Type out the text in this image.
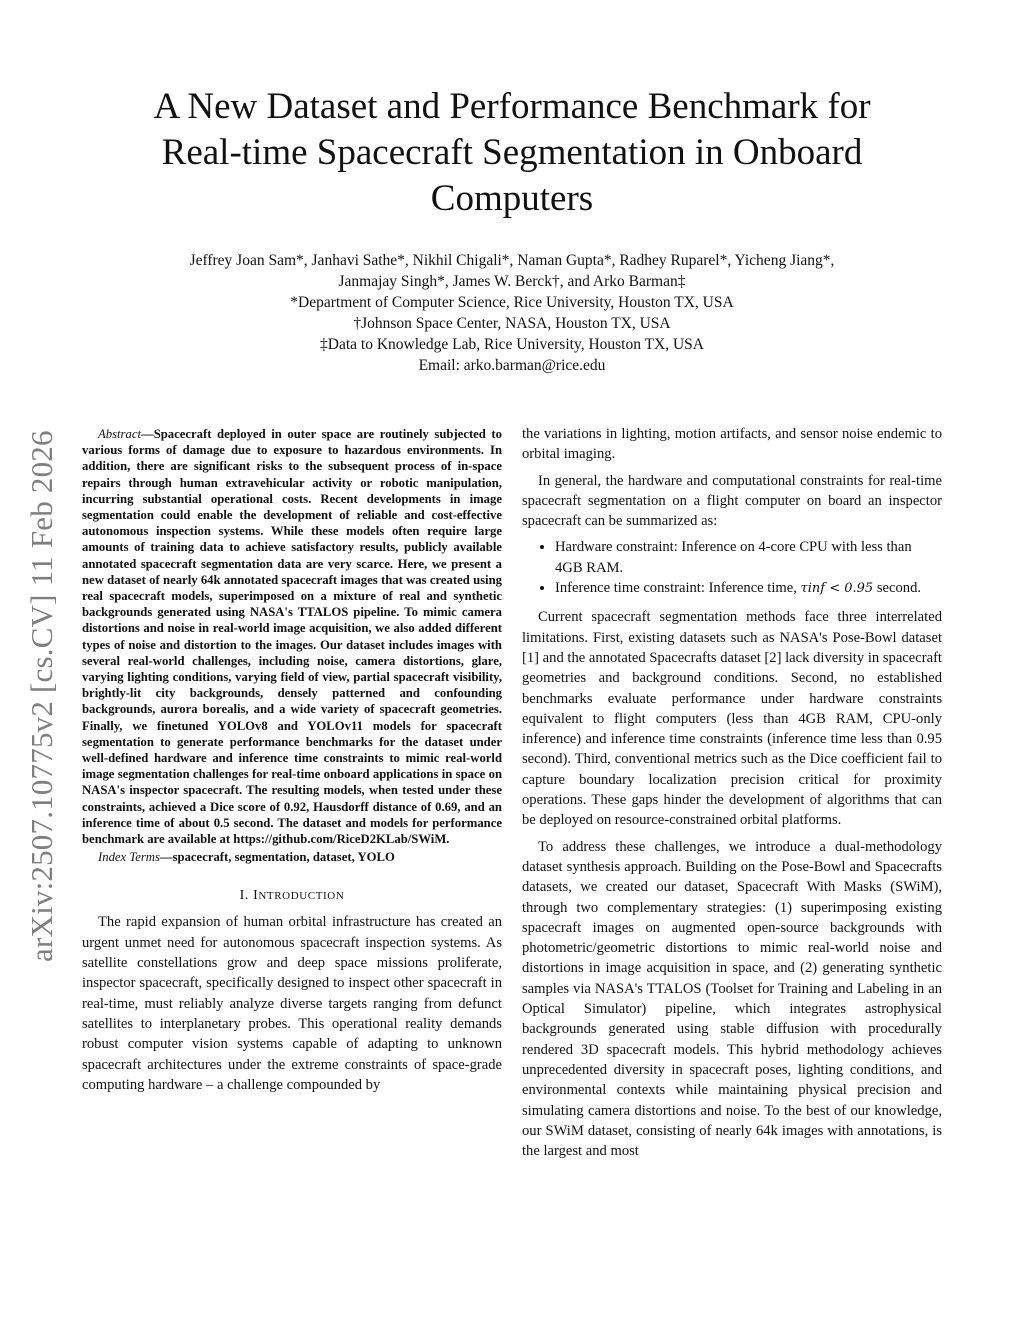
A New Dataset and Performance Benchmark for
Real-time Spacecraft Segmentation in Onboard
Computers
Jeffrey Joan Sam*, Janhavi Sathe*, Nikhil Chigali*, Naman Gupta*, Radhey Ruparel*, Yicheng Jiang*,
Janmajay Singh*, James W. Berck†, and Arko Barman‡
*Department of Computer Science, Rice University, Houston TX, USA
†Johnson Space Center, NASA, Houston TX, USA
‡Data to Knowledge Lab, Rice University, Houston TX, USA
Email: arko.barman@rice.edu
arXiv:2507.10775v2 [cs.CV] 11 Feb 2026	Abstract—Spacecraft deployed in outer space are routinely subjected to various forms of damage due to exposure to hazardous environments. In addition, there are significant risks to the subsequent process of in-space repairs through human extravehicular activity or robotic manipulation, incurring substantial operational costs. Recent developments in image segmentation could enable the development of reliable and cost-effective autonomous inspection systems. While these models often require large amounts of training data to achieve satisfactory results, publicly available annotated spacecraft segmentation data are very scarce. Here, we present a new dataset of nearly 64k annotated spacecraft images that was created using real spacecraft models, superimposed on a mixture of real and synthetic backgrounds generated using NASA's TTALOS pipeline. To mimic camera distortions and noise in real-world image acquisition, we also added different types of noise and distortion to the images. Our dataset includes images with several real-world challenges, including noise, camera distortions, glare, varying lighting conditions, varying field of view, partial spacecraft visibility, brightly-lit city backgrounds, densely patterned and confounding backgrounds, aurora borealis, and a wide variety of spacecraft geometries. Finally, we finetuned YOLOv8 and YOLOv11 models for spacecraft segmentation to generate performance benchmarks for the dataset under well-defined hardware and inference time constraints to mimic real-world image segmentation challenges for real-time onboard applications in space on NASA's inspector spacecraft. The resulting models, when tested under these constraints, achieved a Dice score of 0.92, Hausdorff distance of 0.69, and an inference time of about 0.5 second. The dataset and models for performance benchmark are available at https://github.com/RiceD2KLab/SWiM.

Index Terms—spacecraft, segmentation, dataset, YOLO

I. INTRODUCTION

The rapid expansion of human orbital infrastructure has created an urgent unmet need for autonomous spacecraft inspection systems. As satellite constellations grow and deep space missions proliferate, inspector spacecraft, specifically designed to inspect other spacecraft in real-time, must reliably analyze diverse targets ranging from defunct satellites to interplanetary probes. This operational reality demands robust computer vision systems capable of adapting to unknown spacecraft architectures under the extreme constraints of space-grade computing hardware – a challenge compounded by

the variations in lighting, motion artifacts, and sensor noise endemic to orbital imaging.

In general, the hardware and computational constraints for real-time spacecraft segmentation on a flight computer on board an inspector spacecraft can be summarized as:

• Hardware constraint: Inference on 4-core CPU with less than 4GB RAM.
• Inference time constraint: Inference time, τinf < 0.95 second.

Current spacecraft segmentation methods face three interrelated limitations. First, existing datasets such as NASA's Pose-Bowl dataset [1] and the annotated Spacecrafts dataset [2] lack diversity in spacecraft geometries and background conditions. Second, no established benchmarks evaluate performance under hardware constraints equivalent to flight computers (less than 4GB RAM, CPU-only inference) and inference time constraints (inference time less than 0.95 second). Third, conventional metrics such as the Dice coefficient fail to capture boundary localization precision critical for proximity operations. These gaps hinder the development of algorithms that can be deployed on resource-constrained orbital platforms.

To address these challenges, we introduce a dual-methodology dataset synthesis approach. Building on the Pose-Bowl and Spacecrafts datasets, we created our dataset, Spacecraft With Masks (SWiM), through two complementary strategies: (1) superimposing existing spacecraft images on augmented open-source backgrounds with photometric/geometric distortions to mimic real-world noise and distortions in image acquisition in space, and (2) generating synthetic samples via NASA's TTALOS (Toolset for Training and Labeling in an Optical Simulator) pipeline, which integrates astrophysical backgrounds generated using stable diffusion with procedurally rendered 3D spacecraft models. This hybrid methodology achieves unprecedented diversity in spacecraft poses, lighting conditions, and environmental contexts while maintaining physical precision and simulating camera distortions and noise. To the best of our knowledge, our SWiM dataset, consisting of nearly 64k images with annotations, is the largest and most
